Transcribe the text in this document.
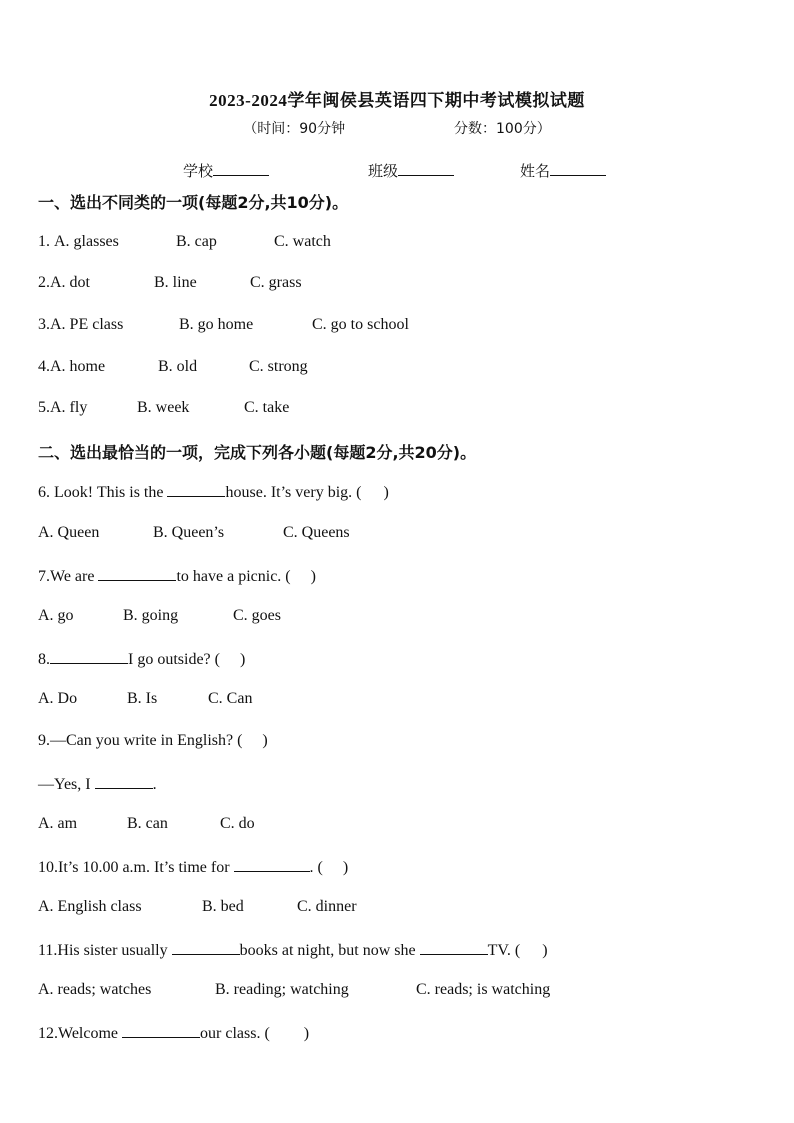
2023-2024学年闽侯县英语四下期中考试模拟试题
（时间：90分钟	分数：100分）
学校	班级	姓名
一、选出不同类的一项(每题2分,共10分)。
1. A. glasses	B. cap	C. watch
2.A. dot	B. line	C. grass
3.A. PE class	B. go home	C. go to school
4.A. home	B. old	C. strong
5.A. fly	B. week	C. take
二、选出最恰当的一项，完成下列各小题(每题2分,共20分)。
6. Look! This is the	house. It’s very big. ( )
A. Queen	B. Queen’s	C. Queens
7.We are	to have a picnic. ( )
A. go	B. going	C. goes
8.	I go outside? ( )
A. Do	B. Is	C. Can
9.—Can you write in English? ( )
—Yes, I	.
A. am	B. can	C. do
10.It’s 10.00 a.m. It’s time for	. ( )
A. English class	B. bed	C. dinner
11.His sister usually	books at night, but now she	TV. ( )
A. reads; watches	B. reading; watching	C. reads; is watching
12.Welcome	our class. ( )
